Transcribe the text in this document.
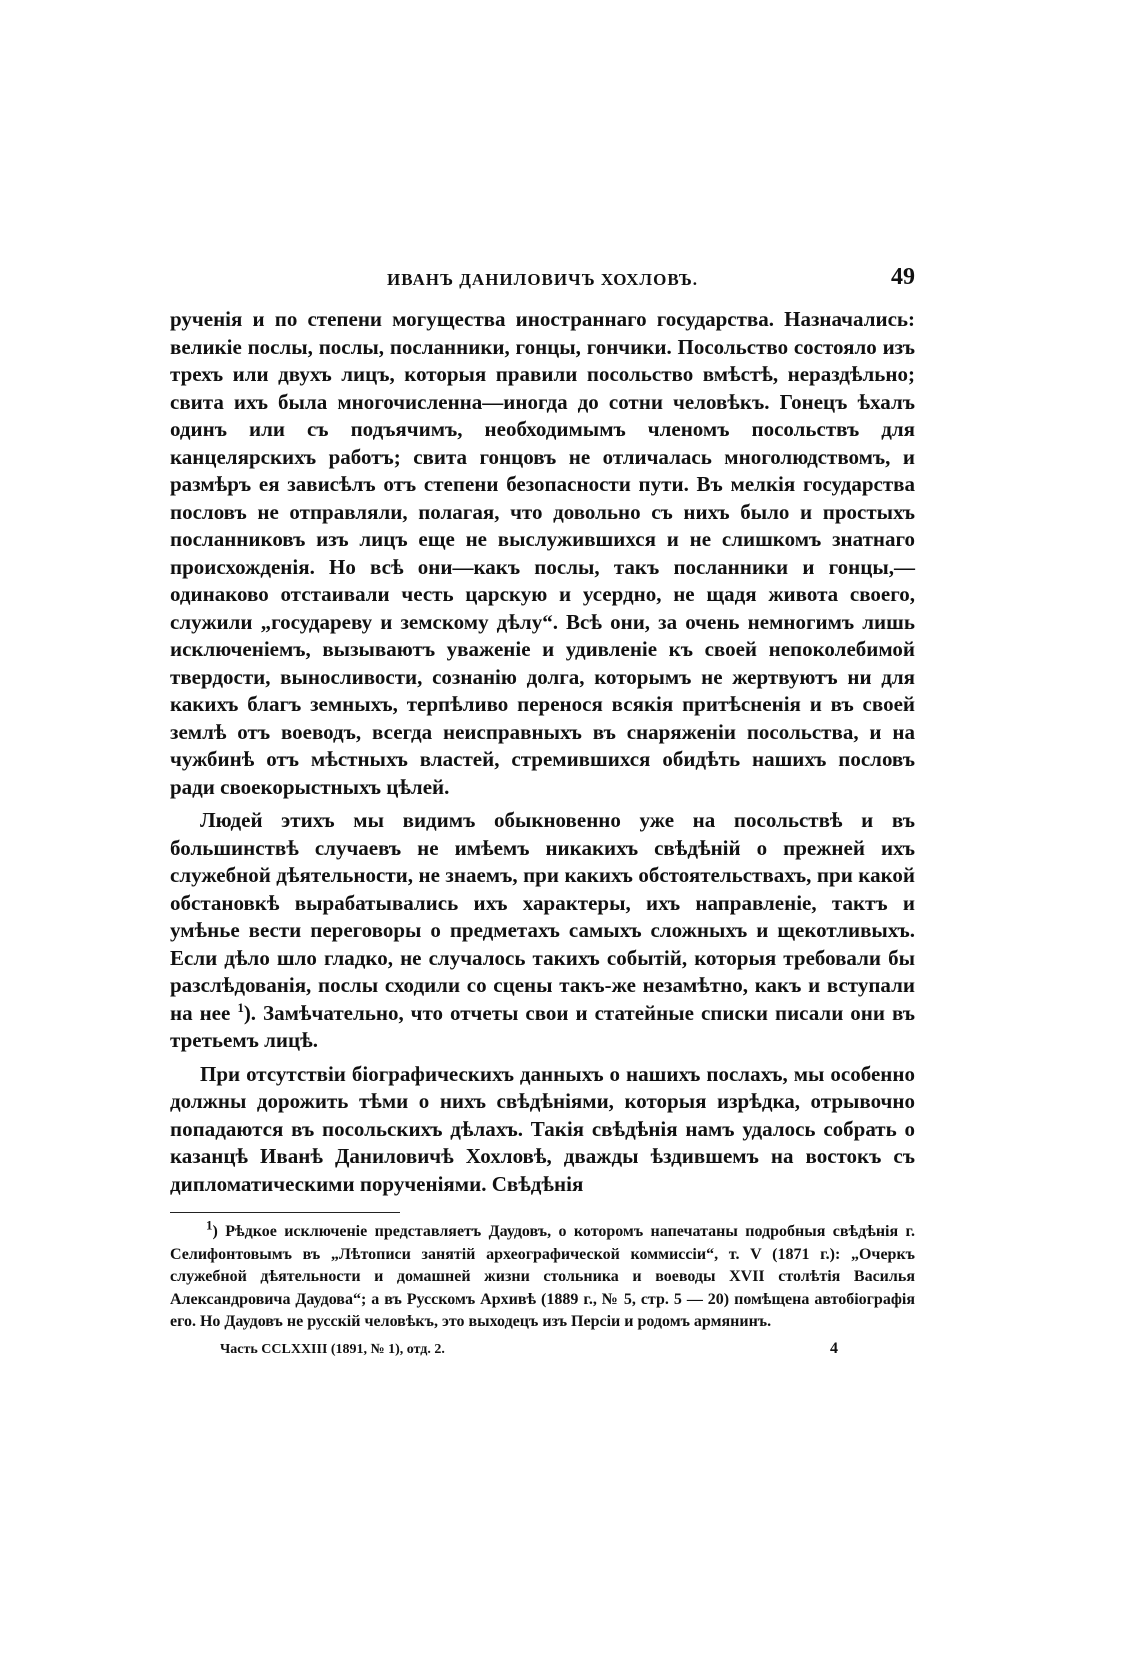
ИВАНЪ ДАНИЛОВИЧЪ ХОХЛОВЪ.	49

рученія и по степени могущества иностраннаго государства. Назначались: великіе послы, послы, посланники, гонцы, гончики. Посольство состояло изъ трехъ или двухъ лицъ, которыя правили посольство вмѣстѣ, нераздѣльно; свита ихъ была многочисленна—иногда до сотни человѣкъ. Гонецъ ѣхалъ одинъ или съ подъячимъ, необходимымъ членомъ посольствъ для канцелярскихъ работъ; свита гонцовъ не отличалась многолюдствомъ, и размѣръ ея зависѣлъ отъ степени безопасности пути. Въ мелкія государства пословъ не отправляли, полагая, что довольно съ нихъ было и простыхъ посланниковъ изъ лицъ еще не выслужившихся и не слишкомъ знатнаго происхожденія. Но всѣ они—какъ послы, такъ посланники и гонцы,—одинаково отстаивали честь царскую и усердно, не щадя живота своего, служили „государеву и земскому дѣлу“. Всѣ они, за очень немногимъ лишь исключеніемъ, вызываютъ уваженіе и удивленіе къ своей непоколебимой твердости, выносливости, сознанію долга, которымъ не жертвуютъ ни для какихъ благъ земныхъ, терпѣливо перенося всякія притѣсненія и въ своей землѣ отъ воеводъ, всегда неисправныхъ въ снаряженіи посольства, и на чужбинѣ отъ мѣстныхъ властей, стремившихся обидѣть нашихъ пословъ ради своекорыстныхъ цѣлей.

Людей этихъ мы видимъ обыкновенно уже на посольствѣ и въ большинствѣ случаевъ не имѣемъ никакихъ свѣдѣній о прежней ихъ служебной дѣятельности, не знаемъ, при какихъ обстоятельствахъ, при какой обстановкѣ вырабатывались ихъ характеры, ихъ направленіе, тактъ и умѣнье вести переговоры о предметахъ самыхъ сложныхъ и щекотливыхъ. Если дѣло шло гладко, не случалось такихъ событій, которыя требовали бы разслѣдованія, послы сходили со сцены такъ-же незамѣтно, какъ и вступали на нее $^1$). Замѣчательно, что отчеты свои и статейные списки писали они въ третьемъ лицѣ.

При отсутствіи біографическихъ данныхъ о нашихъ послахъ, мы особенно должны дорожить тѣми о нихъ свѣдѣніями, которыя изрѣдка, отрывочно попадаются въ посольскихъ дѣлахъ. Такія свѣдѣнія намъ удалось собрать о казанцѣ Иванѣ Даниловичѣ Хохловѣ, дважды ѣздившемъ на востокъ съ дипломатическими порученіями. Свѣдѣнія

$^1$) Рѣдкое исключеніе представляетъ Даудовъ, о которомъ напечатаны подробныя свѣдѣнія г. Селифонтовымъ въ „Лѣтописи занятій археографической коммиссіи“, т. V (1871 г.): „Очеркъ служебной дѣятельности и домашней жизни стольника и воеводы XVII столѣтія Василья Александровича Даудова“; а въ Русскомъ Архивѣ (1889 г., № 5, стр. 5 — 20) помѣщена автобіографія его. Но Даудовъ не русскій человѣкъ, это выходецъ изъ Персіи и родомъ армянинъ.

Часть CCLXXIII (1891, № 1), отд. 2.	4
